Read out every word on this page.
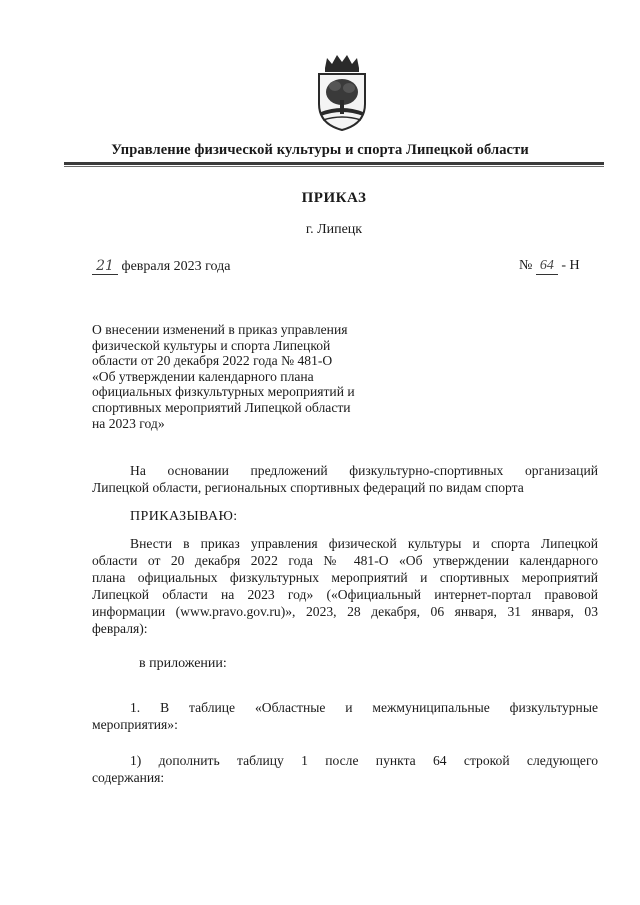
Управление физической культуры и спорта Липецкой области
ПРИКАЗ
г. Липецк
21 февраля 2023 года	№ 64 - Н
О внесении изменений в приказ управления
физической культуры и спорта Липецкой
области от 20 декабря 2022 года № 481-О
«Об утверждении календарного плана
официальных физкультурных мероприятий и
спортивных мероприятий Липецкой области
на 2023 год»
На основании предложений физкультурно-спортивных организаций
Липецкой области, региональных спортивных федераций по видам спорта
ПРИКАЗЫВАЮ:
Внести в приказ управления физической культуры и спорта Липецкой
области от 20 декабря 2022 года № 481-О «Об утверждении календарного
плана официальных физкультурных мероприятий и спортивных мероприятий
Липецкой области на 2023 год» («Официальный интернет-портал правовой
информации (www.pravo.gov.ru)», 2023, 28 декабря, 06 января, 31 января, 03
февраля):
в приложении:
1. В таблице «Областные и межмуниципальные физкультурные
мероприятия»:
1) дополнить таблицу 1 после пункта 64 строкой следующего
содержания:
